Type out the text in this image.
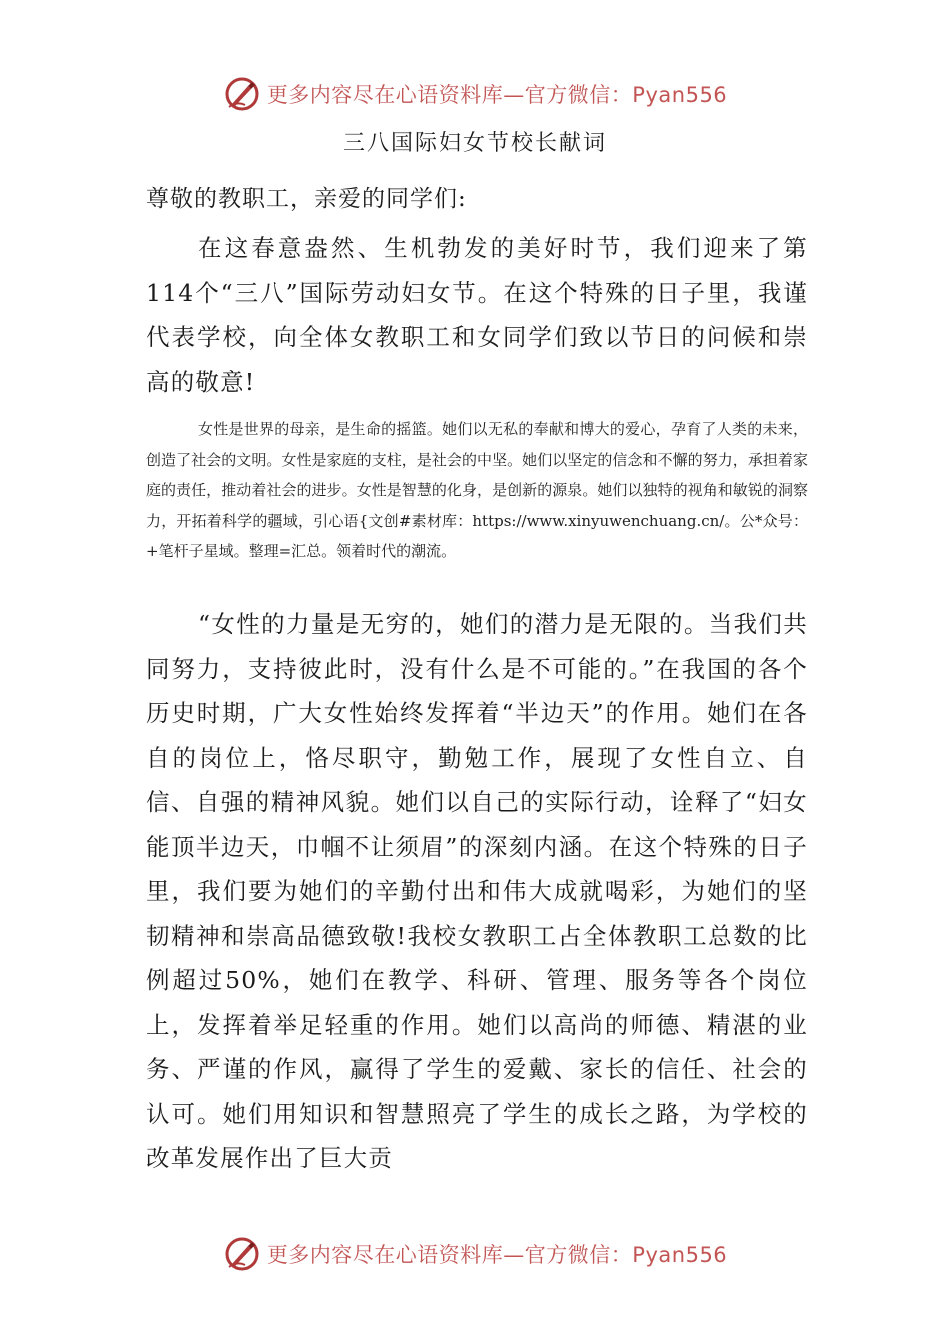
更多内容尽在心语资料库—官方微信：Pyan556
三八国际妇女节校长献词
尊敬的教职工，亲爱的同学们:

在这春意盎然、生机勃发的美好时节，我们迎来了第114个“三八”国际劳动妇女节。在这个特殊的日子里，我谨代表学校，向全体女教职工和女同学们致以节日的问候和崇高的敬意!

女性是世界的母亲，是生命的摇篮。她们以无私的奉献和博大的爱心，孕育了人类的未来，创造了社会的文明。女性是家庭的支柱，是社会的中坚。她们以坚定的信念和不懈的努力，承担着家庭的责任，推动着社会的进步。女性是智慧的化身，是创新的源泉。她们以独特的视角和敏锐的洞察力，开拓着科学的疆域，引心语{文创#素材库：https://www.xinyuwenchuang.cn/。公*众号：+笔杆子星域。整理=汇总。领着时代的潮流。

“女性的力量是无穷的，她们的潜力是无限的。当我们共同努力，支持彼此时，没有什么是不可能的。”在我国的各个历史时期，广大女性始终发挥着“半边天”的作用。她们在各自的岗位上，恪尽职守，勤勉工作，展现了女性自立、自信、自强的精神风貌。她们以自己的实际行动，诠释了“妇女能顶半边天，巾帼不让须眉”的深刻内涵。在这个特殊的日子里，我们要为她们的辛勤付出和伟大成就喝彩，为她们的坚韧精神和崇高品德致敬!我校女教职工占全体教职工总数的比例超过50%，她们在教学、科研、管理、服务等各个岗位上，发挥着举足轻重的作用。她们以高尚的师德、精湛的业务、严谨的作风，赢得了学生的爱戴、家长的信任、社会的认可。她们用知识和智慧照亮了学生的成长之路，为学校的改革发展作出了巨大贡

更多内容尽在心语资料库—官方微信：Pyan556
